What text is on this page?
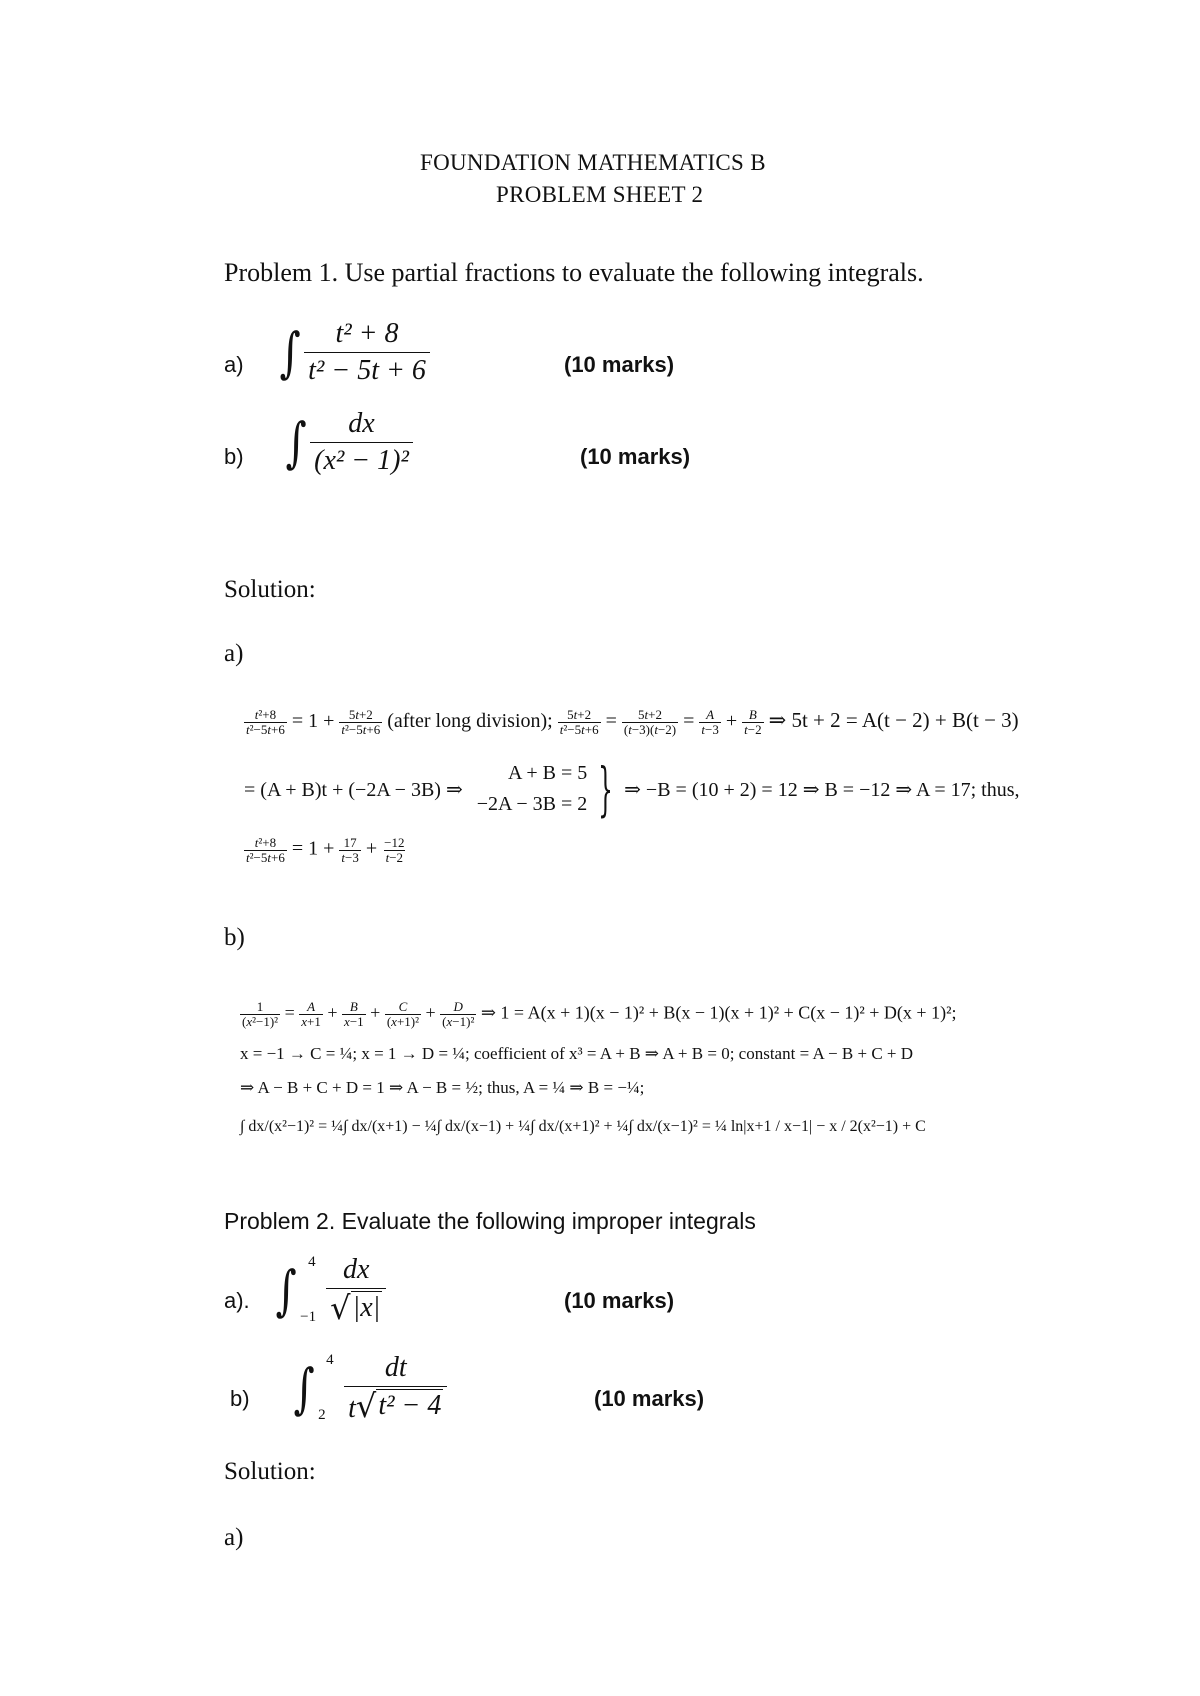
FOUNDATION MATHEMATICS B
PROBLEM SHEET 2
Problem 1. Use partial fractions to evaluate the following integrals.
a) ∫ $\frac{\text{t² + 8}}{\text{t² − 5t + 6}}$	(10 marks)
b) ∫ $\frac{dx}{\text{(x² − 1)²}}$	(10 marks)
Solution:
a)
$\frac{\text{t²+8}}{\text{t²−5t+6}} = 1 + \frac{5t+2}{\text{t²−5t+6}}$ (after long division); $\frac{5t+2}{\text{t²−5t+6}} = \frac{5t+2}{(t-3)(t-2)} = \frac{A}{t-3} + \frac{B}{t-2}$ ⇒ 5t + 2 = A(t − 2) + B(t − 3)
= (A + B)t + (−2A − 3B) ⇒
A + B = 5
−2A − 3B = 2 } ⇒ −B = (10 + 2) = 12 ⇒ B = −12 ⇒ A = 17; thus,
$\frac{\text{t²+8}}{\text{t²−5t+6}} = 1 + \frac{17}{t-3} + \frac{-12}{t-2}$
b)
$\frac{1}{\text{(x²−1)²}} = \frac{A}{x+1} + \frac{B}{x-1} + \frac{C}{\text{(x+1)²}} + \frac{D}{\text{(x−1)²}}$ ⇒ 1 = A(x + 1)(x − 1)² + B(x − 1)(x + 1)² + C(x − 1)² + D(x + 1)²;
x = −1 → C = ¼; x = 1 → D = ¼; coefficient of x³ = A + B ⇒ A + B = 0; constant = A − B + C + D
⇒ A − B + C + D = 1 ⇒ A − B = ½; thus, A = ¼ ⇒ B = −¼;
∫ dx/(x²−1)² = ¼∫ dx/(x+1) − ¼∫ dx/(x−1) + ¼∫ dx/(x+1)² + ¼∫ dx/(x−1)² = ¼ ln|x+1 / x−1| − x / 2(x²−1) + C
Problem 2. Evaluate the following improper integrals
a). ∫ 4
$-1 \frac{dx}{√ |x|}$	(10 marks)
b) ∫ 4
$2 \frac{dt}{\text{t √ t² − 4}}$	(10 marks)
Solution:
a)
